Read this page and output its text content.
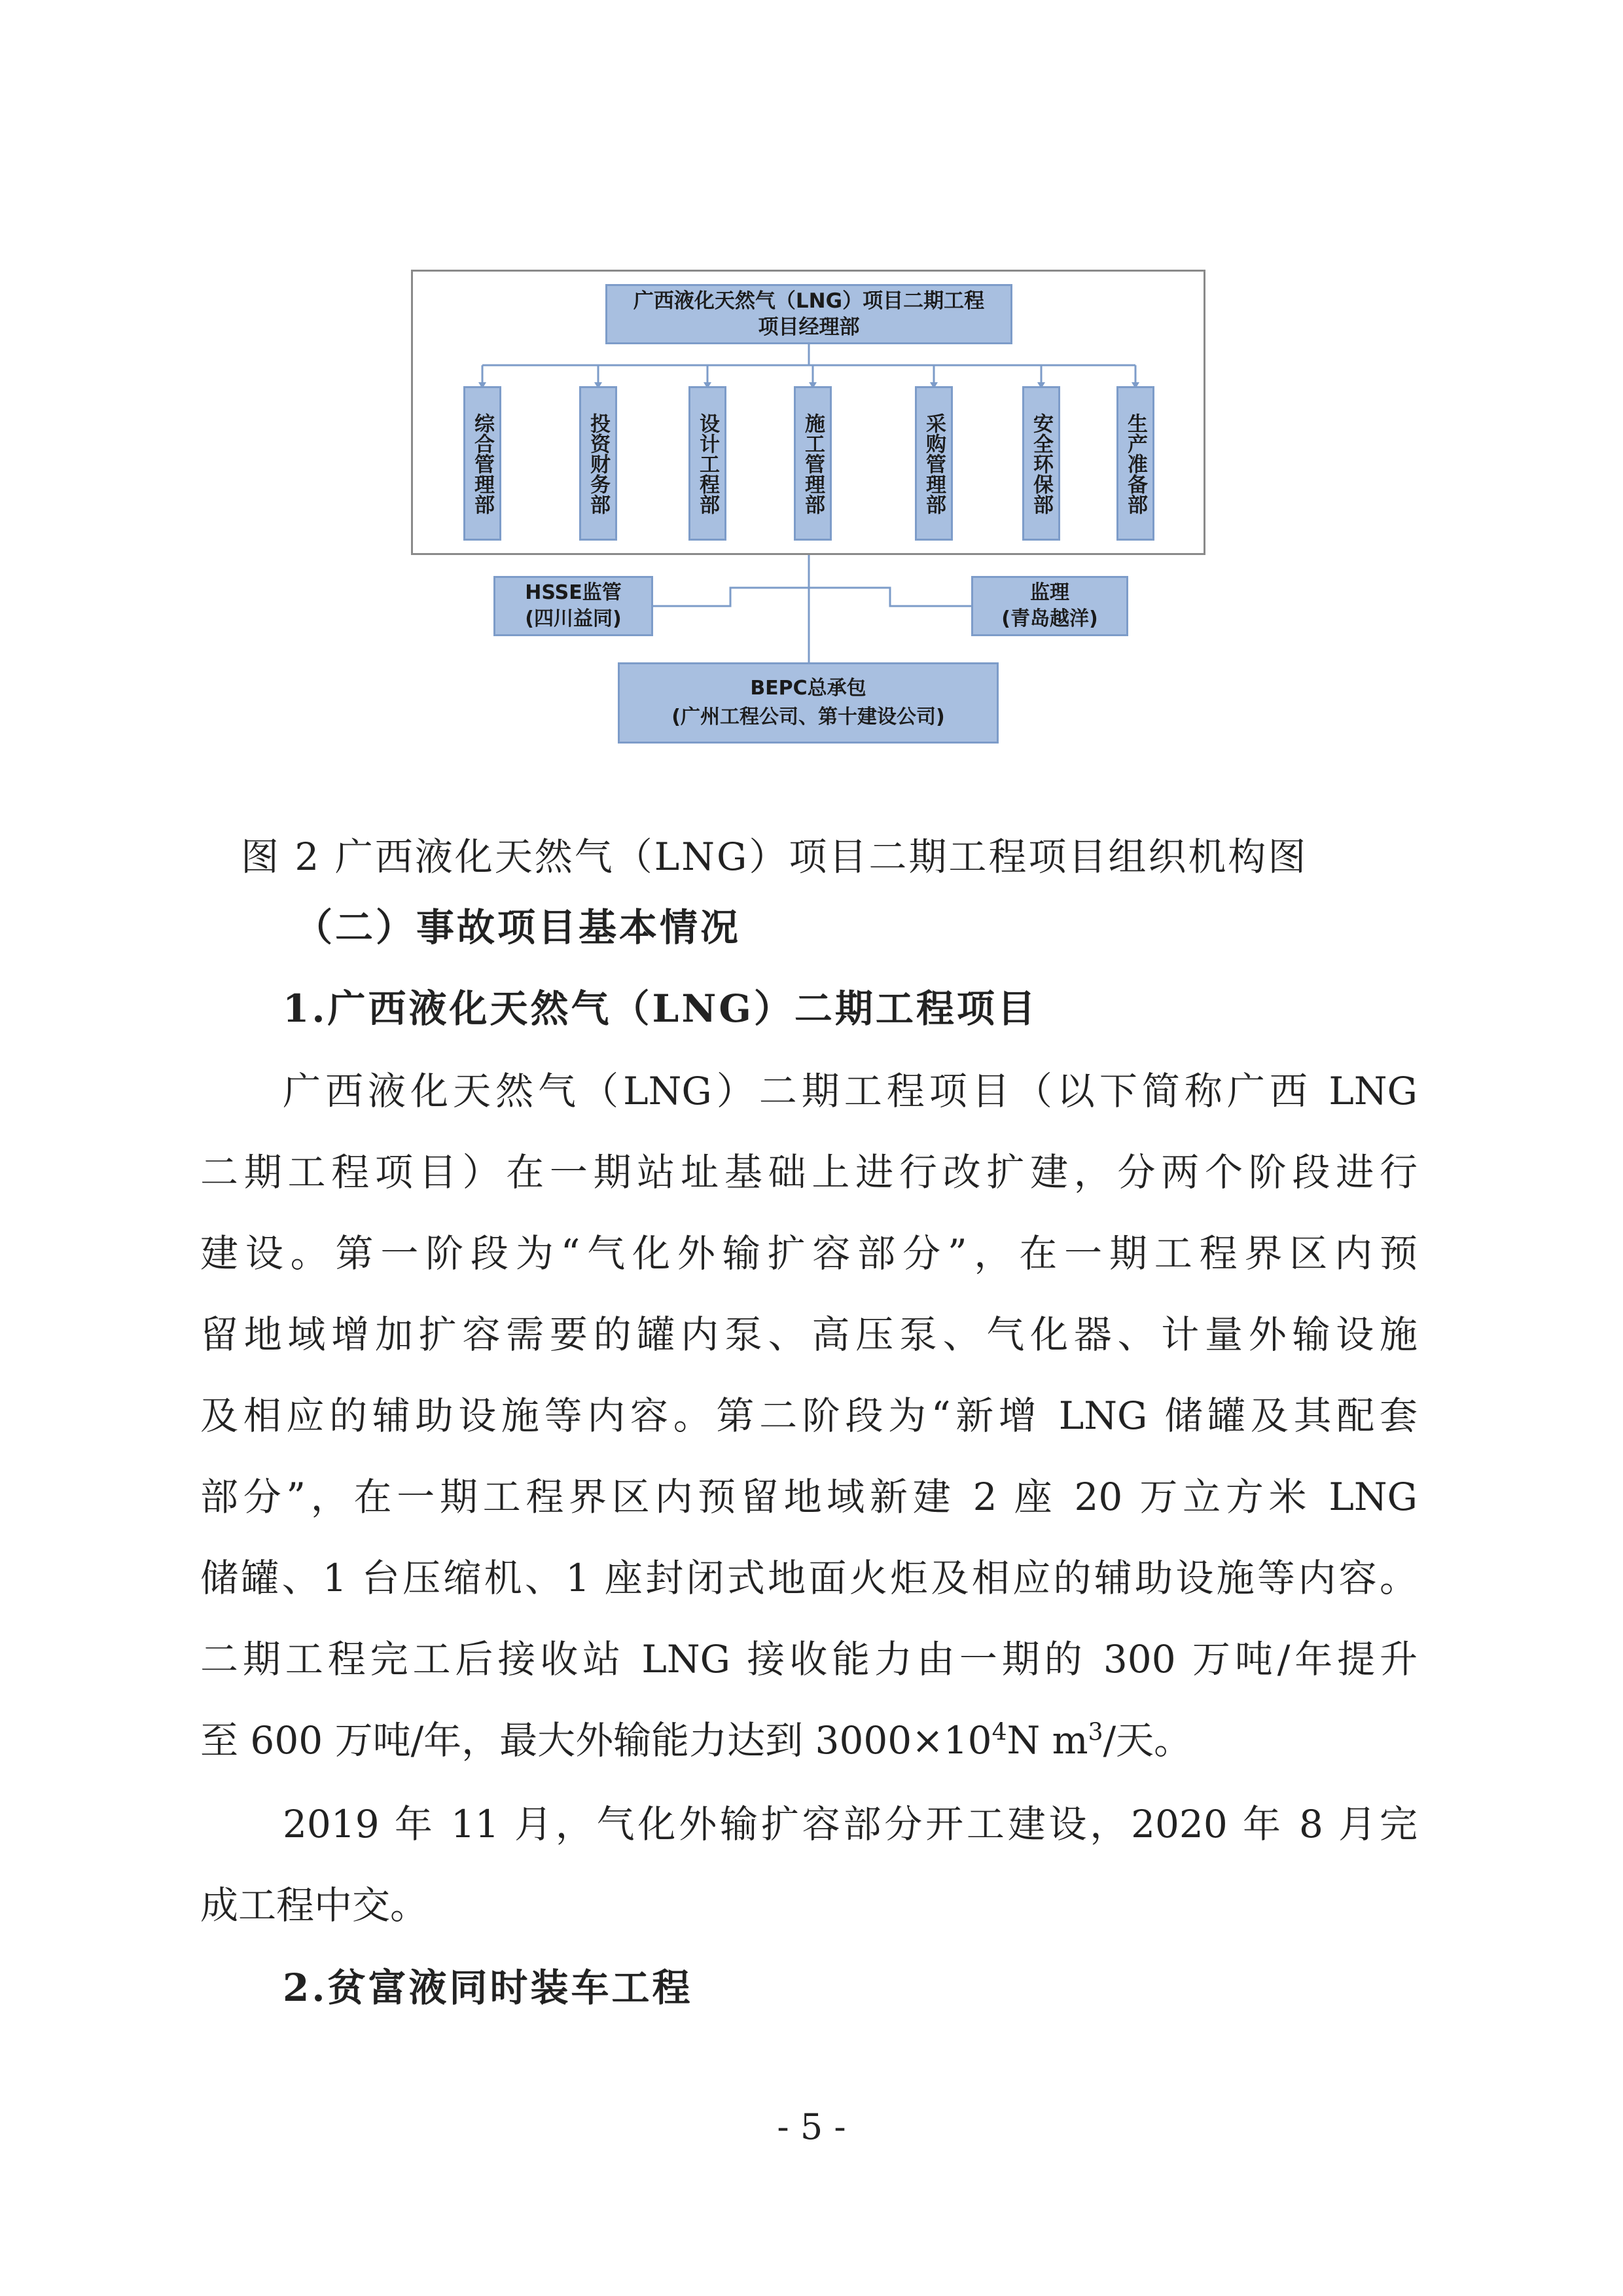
广西液化天然气（LNG）项目二期工程
项目经理部
综合管理部	投资财务部	设计工程部	施工管理部	采购管理部	安全环保部	生产准备部
HSSE监管
(四川益同)
监理
(青岛越洋)
BEPC总承包
(广州工程公司、第十建设公司)
图 2 广西液化天然气（LNG）项目二期工程项目组织机构图
（二）事故项目基本情况
1.广西液化天然气（LNG）二期工程项目
广西液化天然气（LNG）二期工程项目（以下简称广西 LNG
二期工程项目）在一期站址基础上进行改扩建，分两个阶段进行
建设。第一阶段为“气化外输扩容部分”，在一期工程界区内预
留地域增加扩容需要的罐内泵、高压泵、气化器、计量外输设施
及相应的辅助设施等内容。第二阶段为“新增 LNG 储罐及其配套
部分”，在一期工程界区内预留地域新建 2 座 20 万立方米 LNG
储罐、1 台压缩机、1 座封闭式地面火炬及相应的辅助设施等内容。
二期工程完工后接收站 LNG 接收能力由一期的 300 万吨/年提升
至 600 万吨/年，最大外输能力达到 $3000\times 10^4N$ $m^3/$天。
2019 年 11 月，气化外输扩容部分开工建设，2020 年 8 月完
成工程中交。
2.贫富液同时装车工程
- 5 -
